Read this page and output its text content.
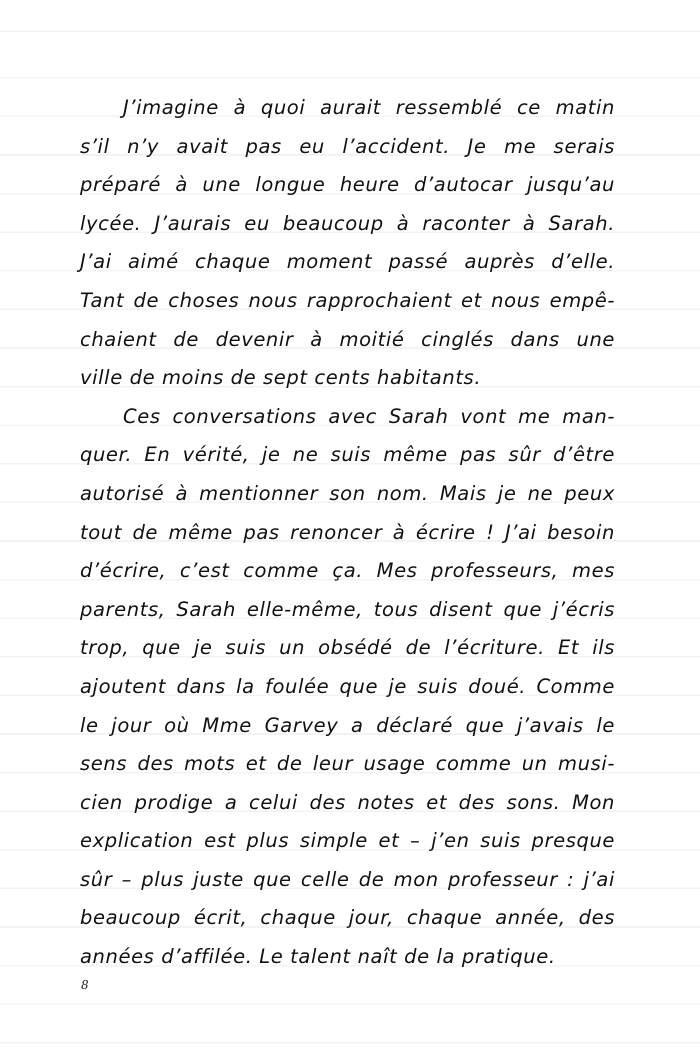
J’imagine à quoi aurait ressemblé ce matin
s’il n’y avait pas eu l’accident. Je me serais
préparé à une longue heure d’autocar jusqu’au
lycée. J’aurais eu beaucoup à raconter à Sarah.
J’ai aimé chaque moment passé auprès d’elle.
Tant de choses nous rapprochaient et nous empê-
chaient de devenir à moitié cinglés dans une
ville de moins de sept cents habitants.
Ces conversations avec Sarah vont me man-
quer. En vérité, je ne suis même pas sûr d’être
autorisé à mentionner son nom. Mais je ne peux
tout de même pas renoncer à écrire ! J’ai besoin
d’écrire, c’est comme ça. Mes professeurs, mes
parents, Sarah elle-même, tous disent que j’écris
trop, que je suis un obsédé de l’écriture. Et ils
ajoutent dans la foulée que je suis doué. Comme
le jour où Mme Garvey a déclaré que j’avais le
sens des mots et de leur usage comme un musi-
cien prodige a celui des notes et des sons. Mon
explication est plus simple et – j’en suis presque
sûr – plus juste que celle de mon professeur : j’ai
beaucoup écrit, chaque jour, chaque année, des
années d’affilée. Le talent naît de la pratique.
8
